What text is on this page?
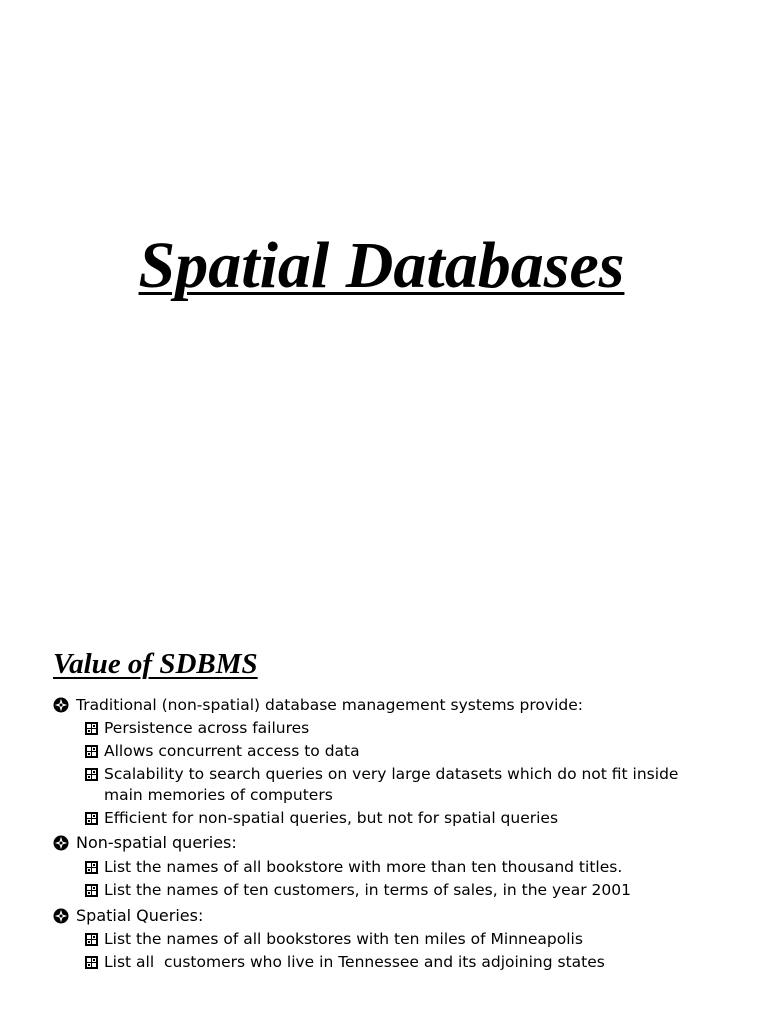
Spatial Databases
Value of SDBMS
Traditional (non-spatial) database management systems provide:
Persistence across failures
Allows concurrent access to data
Scalability to search queries on very large datasets which do not fit inside
main memories of computers
Efficient for non-spatial queries, but not for spatial queries
Non-spatial queries:
List the names of all bookstore with more than ten thousand titles.
List the names of ten customers, in terms of sales, in the year 2001
Spatial Queries:
List the names of all bookstores with ten miles of Minneapolis
List all  customers who live in Tennessee and its adjoining states
